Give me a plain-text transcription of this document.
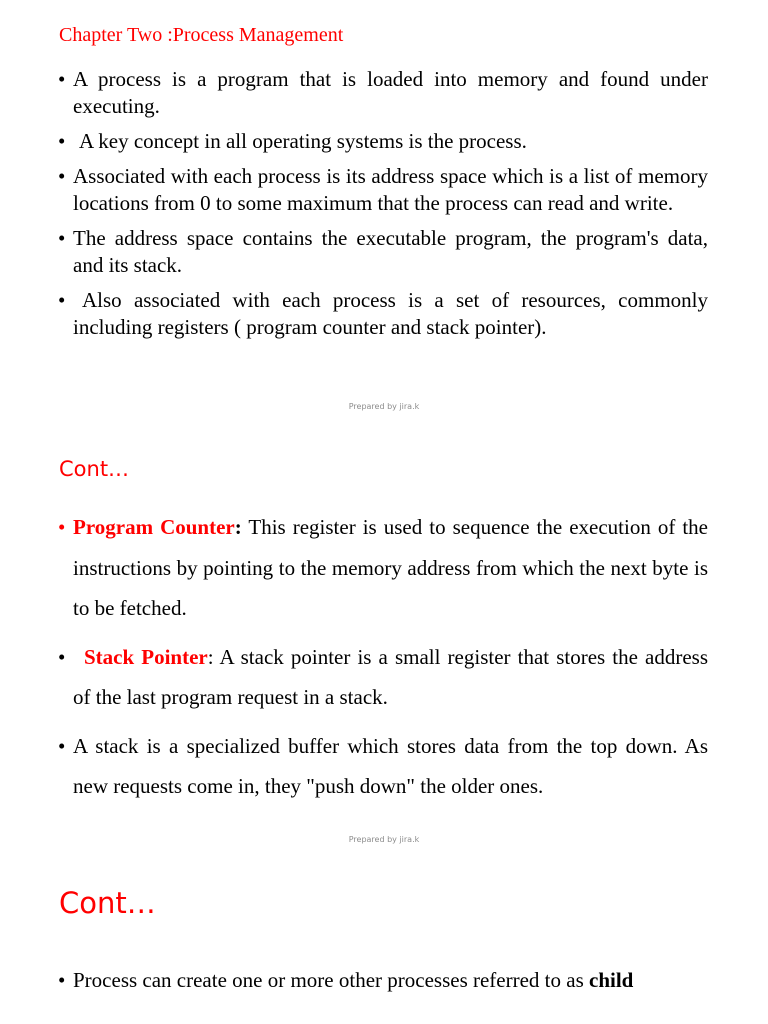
Chapter Two :Process Management
• A process is a program that is loaded into memory and found under executing.
• A key concept in all operating systems is the process.
• Associated with each process is its address space which is a list of memory locations from 0 to some maximum that the process can read and write.
• The address space contains the executable program, the program's data, and its stack.
• Also associated with each process is a set of resources, commonly including registers ( program counter and stack pointer).
Prepared by jira.k
Cont…
• Program Counter: This register is used to sequence the execution of the instructions by pointing to the memory address from which the next byte is to be fetched.
• Stack Pointer: A stack pointer is a small register that stores the address of the last program request in a stack.
• A stack is a specialized buffer which stores data from the top down. As new requests come in, they "push down" the older ones.
Prepared by jira.k
Cont…
• Process can create one or more other processes referred to as child
